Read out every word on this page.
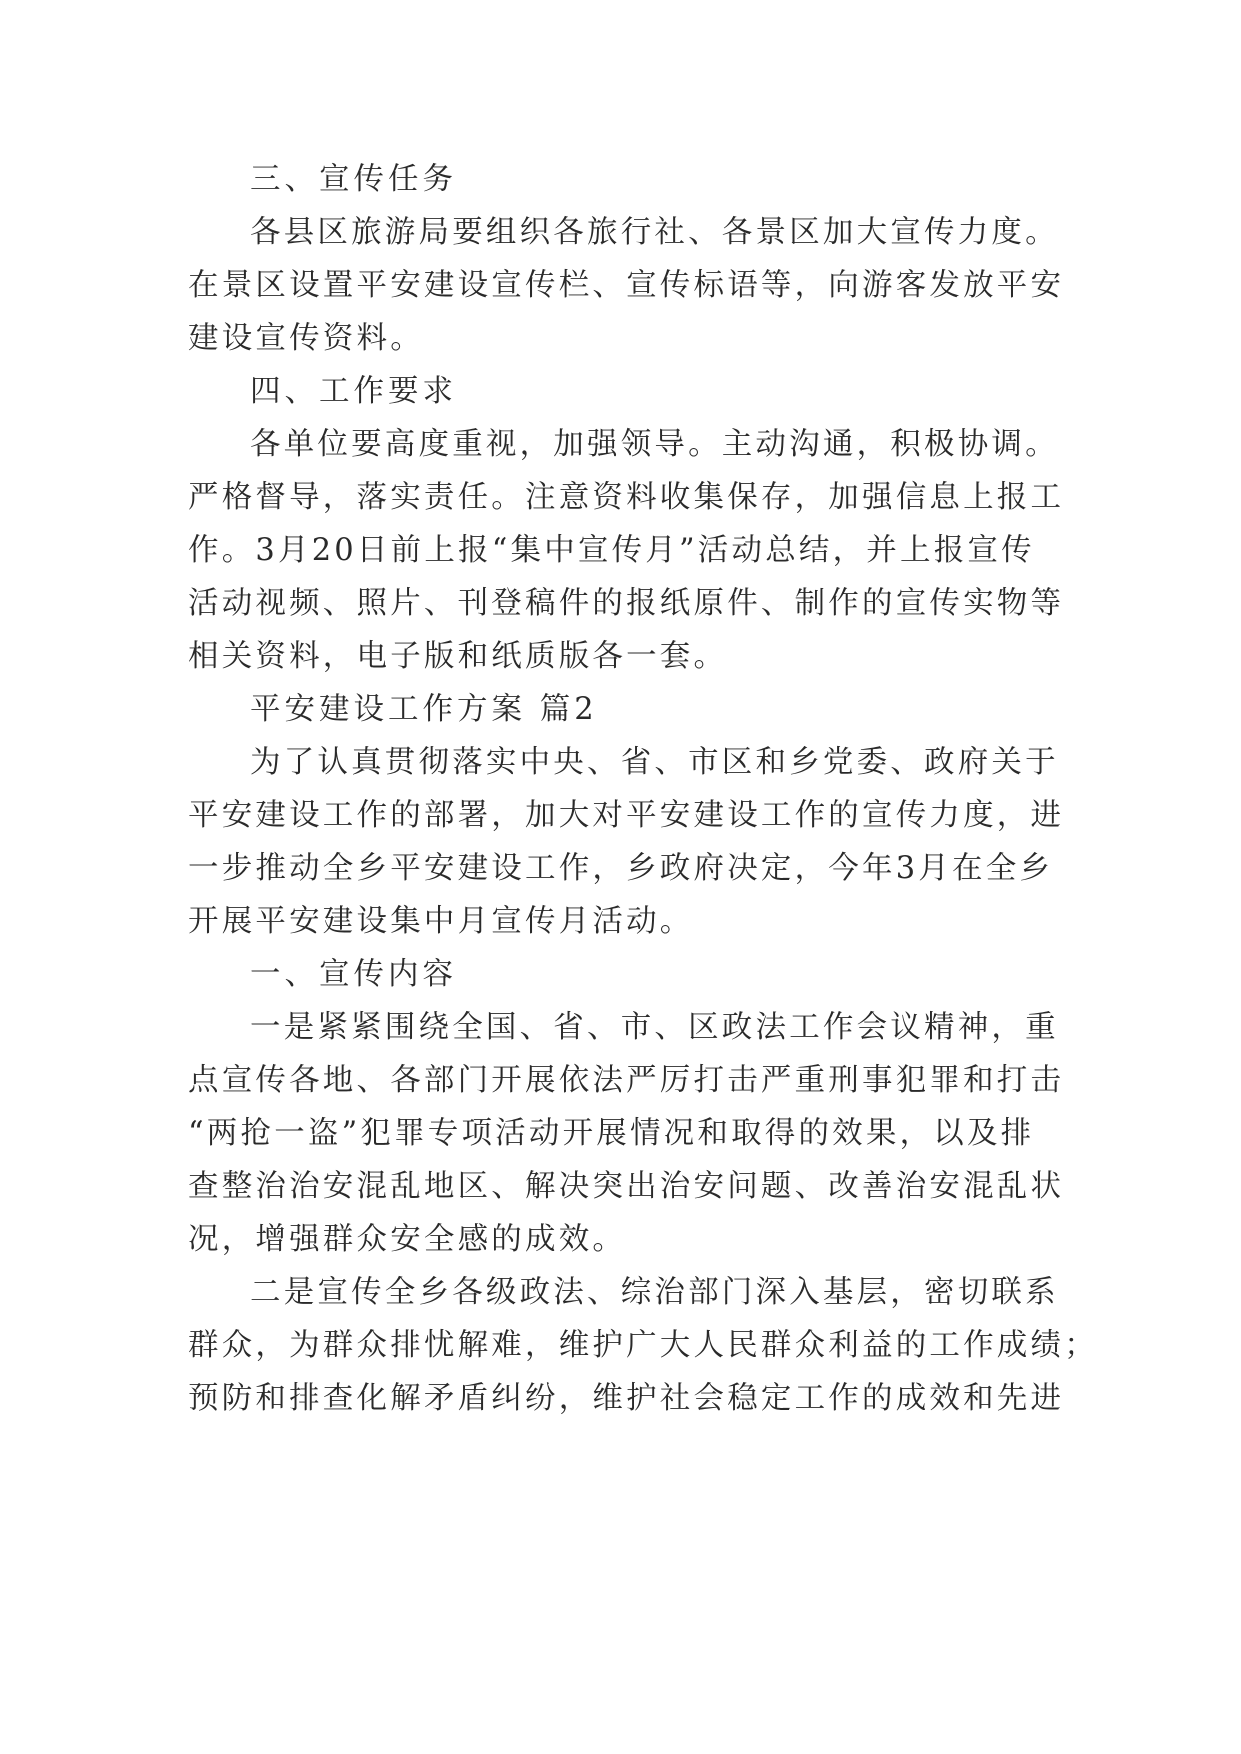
三、宣传任务
各县区旅游局要组织各旅行社、各景区加大宣传力度。
在景区设置平安建设宣传栏、宣传标语等，向游客发放平安
建设宣传资料。
四、工作要求
各单位要高度重视，加强领导。主动沟通，积极协调。
严格督导，落实责任。注意资料收集保存，加强信息上报工
作。3月20日前上报“集中宣传月”活动总结，并上报宣传
活动视频、照片、刊登稿件的报纸原件、制作的宣传实物等
相关资料，电子版和纸质版各一套。
平安建设工作方案 篇2
为了认真贯彻落实中央、省、市区和乡党委、政府关于
平安建设工作的部署，加大对平安建设工作的宣传力度，进
一步推动全乡平安建设工作，乡政府决定，今年3月在全乡
开展平安建设集中月宣传月活动。
一、宣传内容
一是紧紧围绕全国、省、市、区政法工作会议精神，重
点宣传各地、各部门开展依法严厉打击严重刑事犯罪和打击
“两抢一盗”犯罪专项活动开展情况和取得的效果，以及排
查整治治安混乱地区、解决突出治安问题、改善治安混乱状
况，增强群众安全感的成效。
二是宣传全乡各级政法、综治部门深入基层，密切联系
群众，为群众排忧解难，维护广大人民群众利益的工作成绩；
预防和排查化解矛盾纠纷，维护社会稳定工作的成效和先进
